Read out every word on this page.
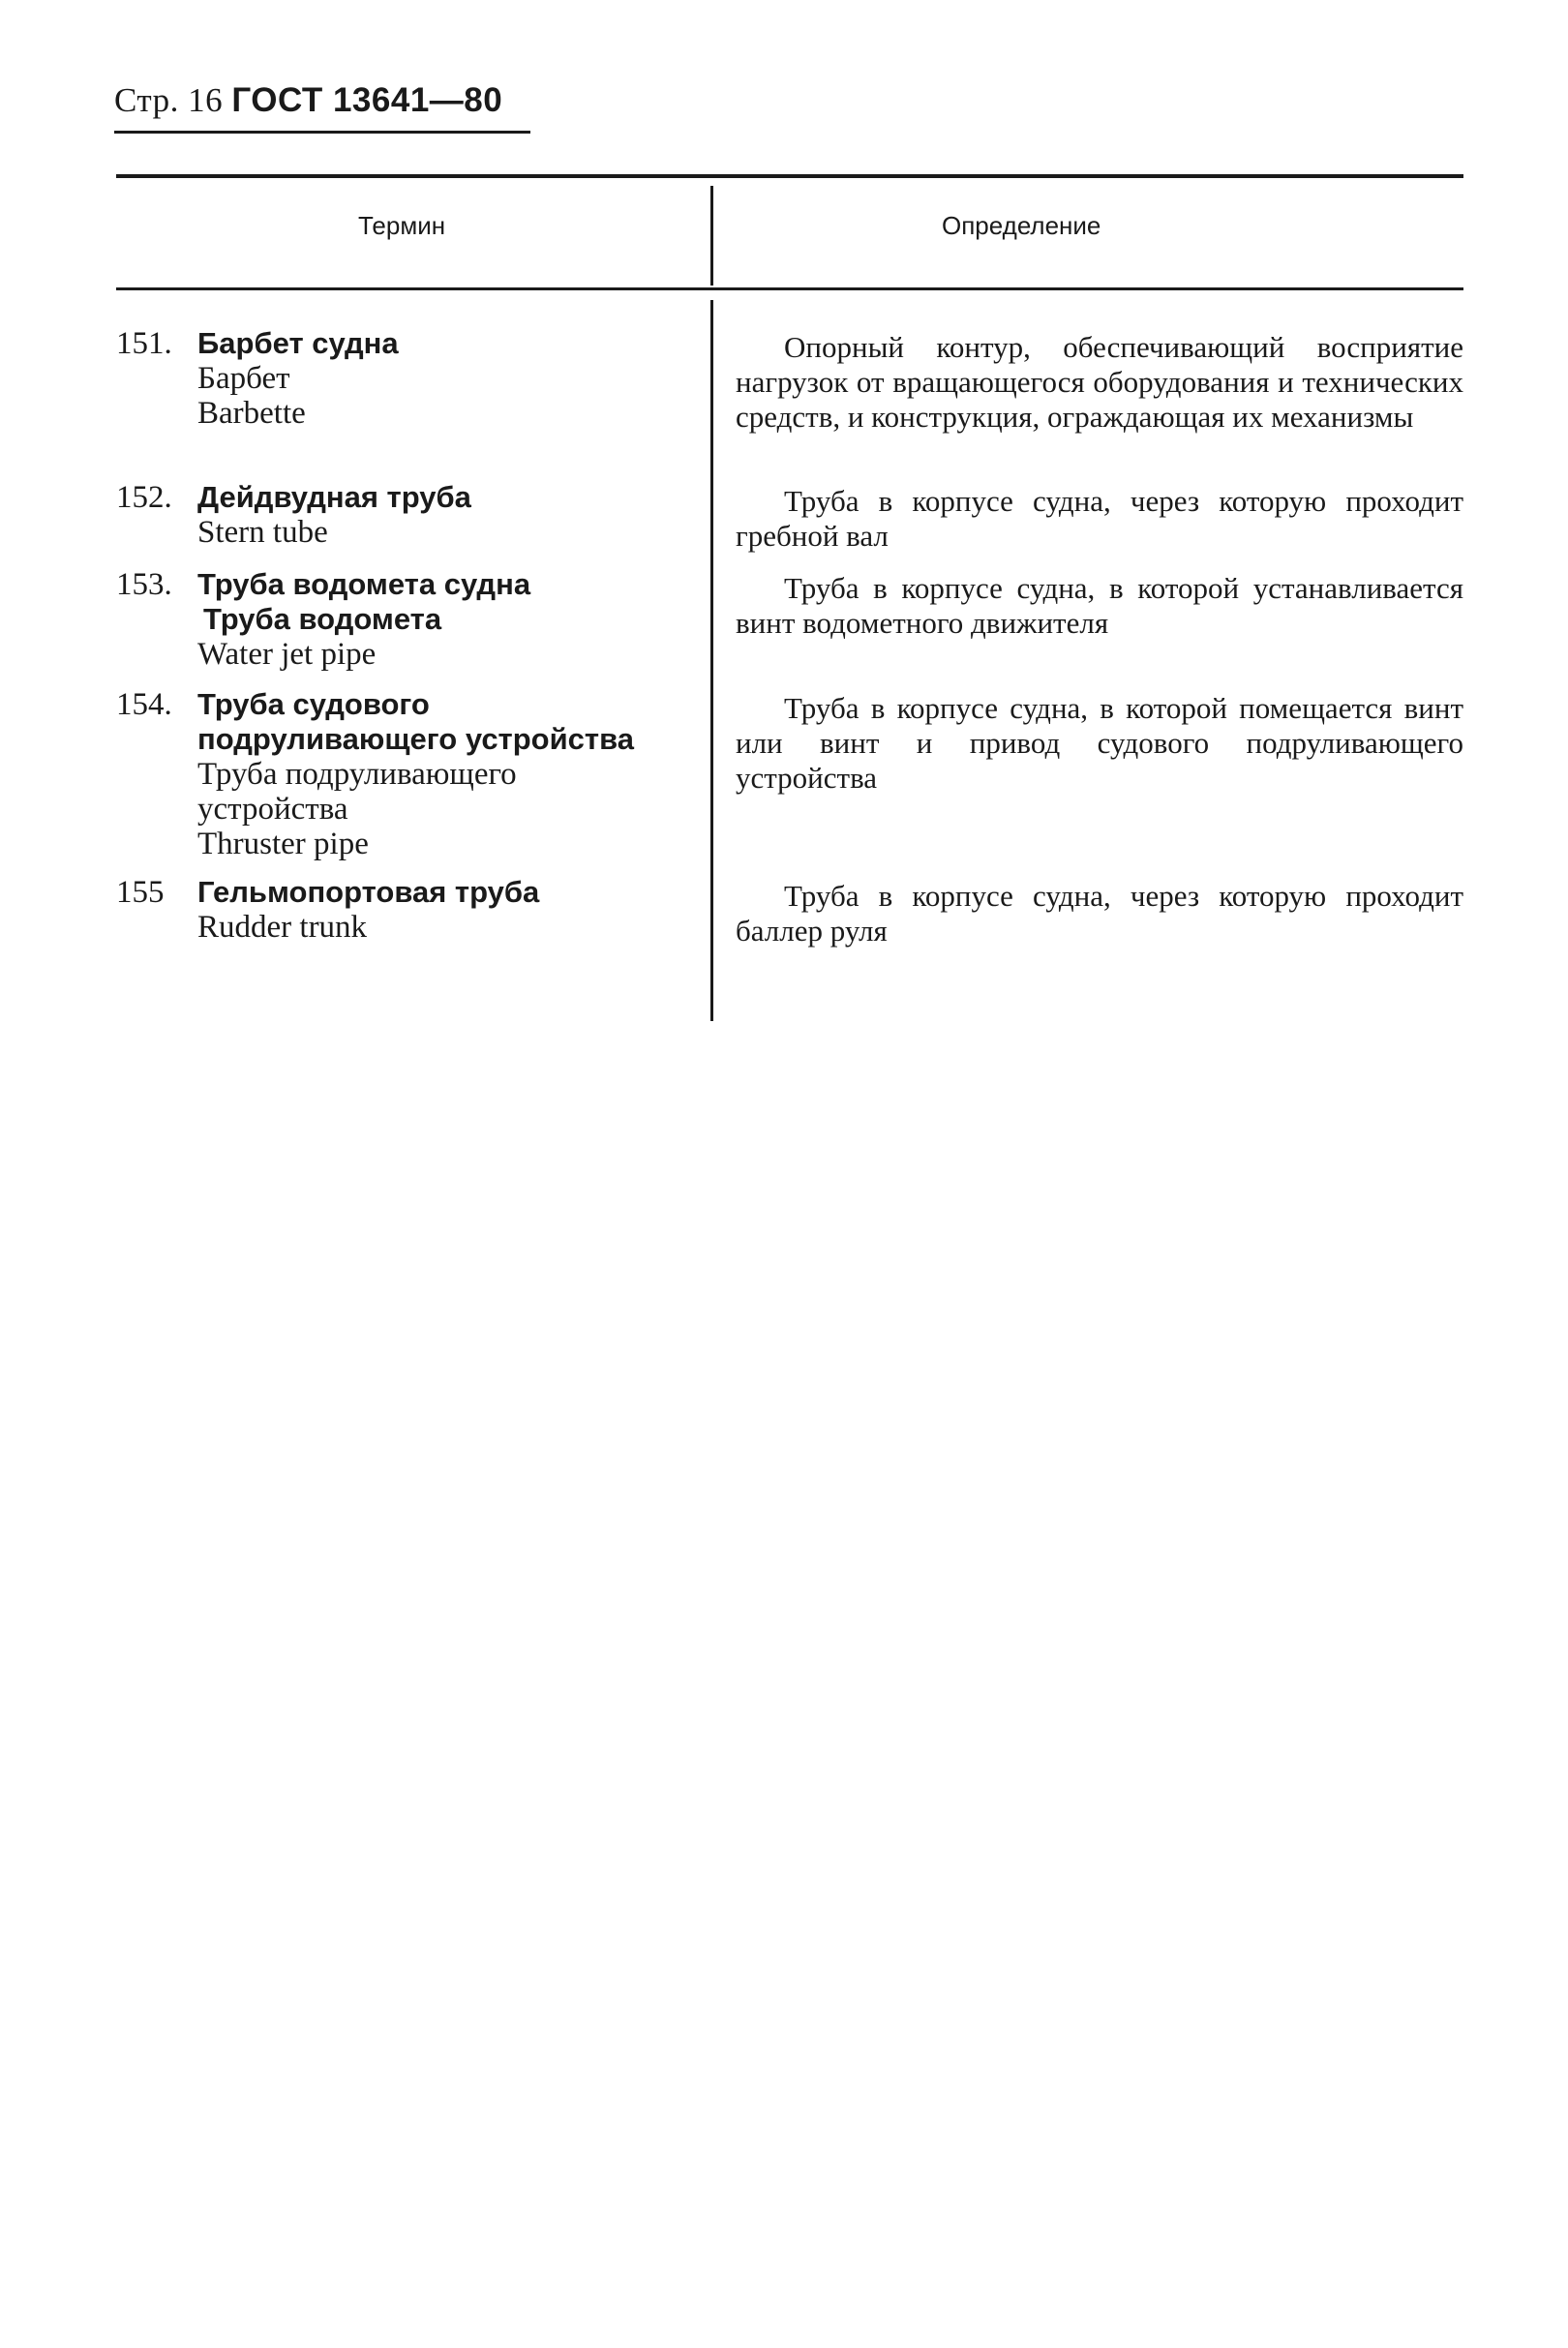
Стр. 16 ГОСТ 13641—80
Термин	Определение
151. Барбет судна
Барбет
Barbette
Опорный контур, обеспечивающий восприятие нагрузок от вращающегося оборудования и технических средств, и конструкция, ограждающая их механизмы
152. Дейдвудная труба
Stern tube
Труба в корпусе судна, через которую проходит гребной вал
153. Труба водомета судна
Труба водомета
Water jet pipe
Труба в корпусе судна, в которой устанавливается винт водометного движителя
154. Труба судового подруливающего устройства
Труба подруливающего устройства
Thruster pipe
Труба в корпусе судна, в которой помещается винт или винт и привод судового подруливающего устройства
155 Гельмопортовая труба
Rudder trunk
Труба в корпусе судна, через которую проходит баллер руля
